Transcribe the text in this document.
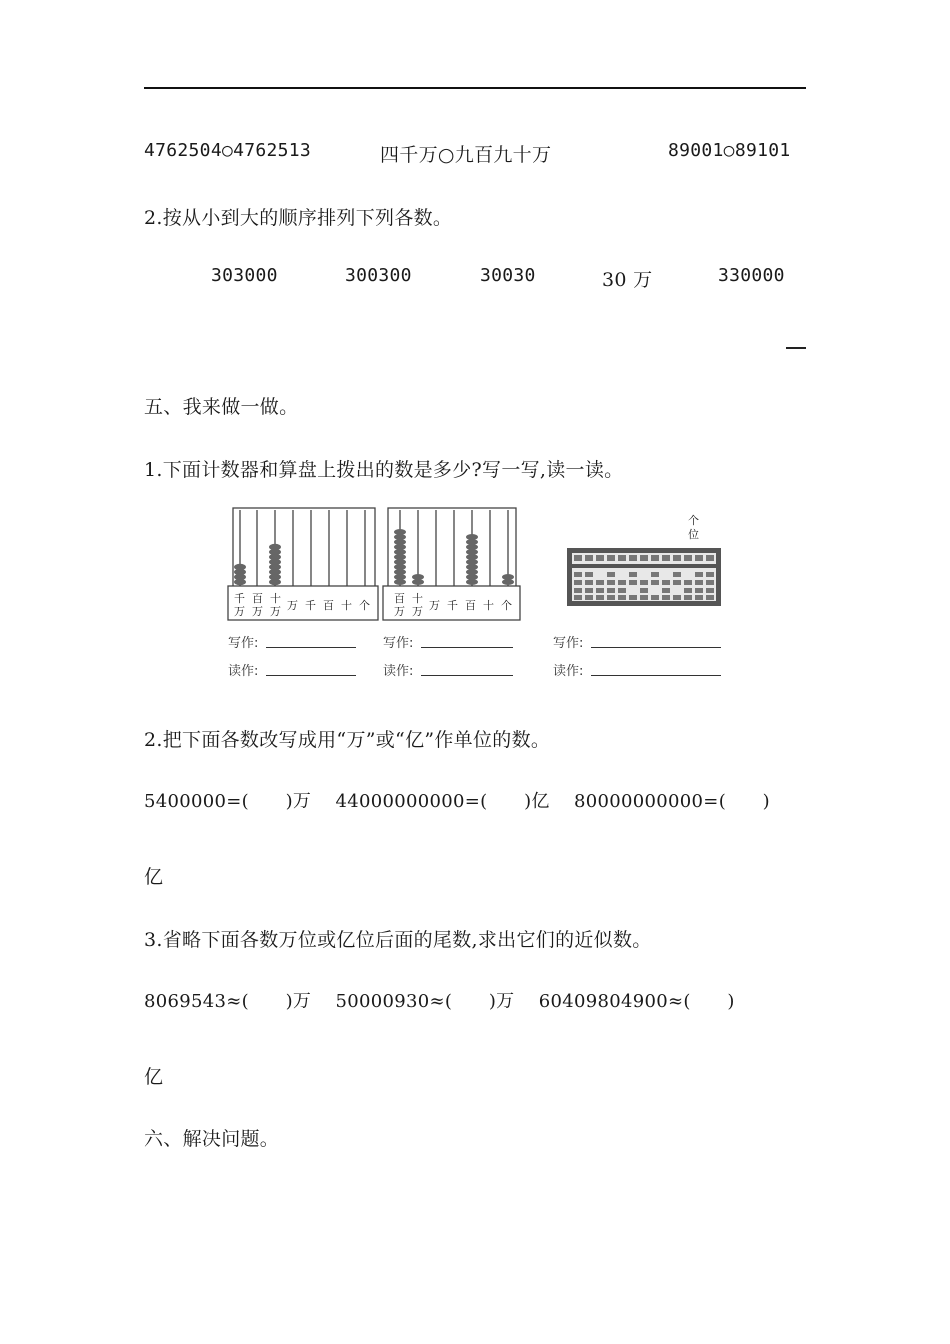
4762504○4762513	四千万○九百九十万	89001○89101
2.按从小到大的顺序排列下列各数。
303000	300300	30030	30 万	330000
五、我来做一做。
1.下面计数器和算盘上拨出的数是多少?写一写,读一读。
千
万
百
万
十
万 万 千 百 十 个
百
万
十
万 万 千 百 十 个
个
位
写作:
读作:
写作:
读作:
写作:
读作:
2.把下面各数改写成用“万”或“亿”作单位的数。
5400000=(　　)万　 44000000000=(　　)亿　 80000000000=(　　)
亿
3.省略下面各数万位或亿位后面的尾数,求出它们的近似数。
8069543≈(　　)万　 50000930≈(　　)万　 60409804900≈(　　)
亿
六、解决问题。
